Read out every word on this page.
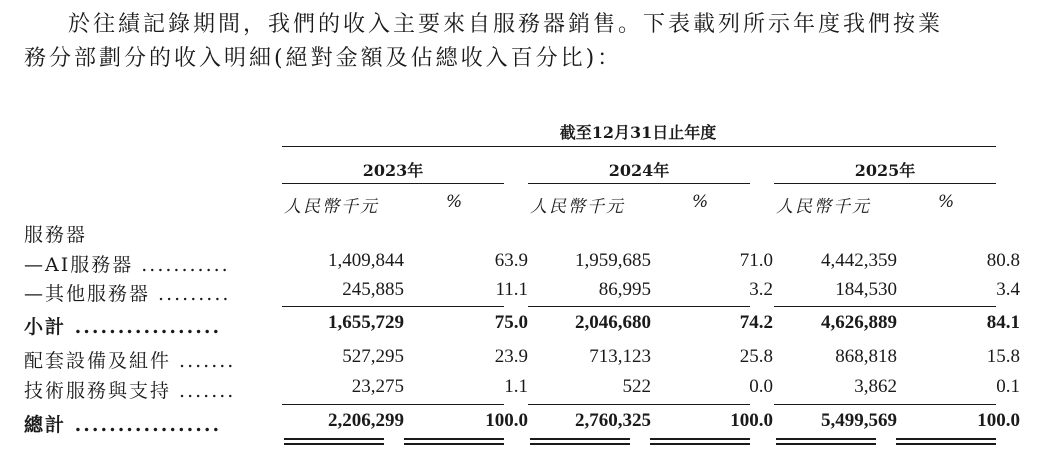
於往績記錄期間，我們的收入主要來自服務器銷售。下表載列所示年度我們按業

務分部劃分的收入明細(絕對金額及佔總收入百分比)：

截至12月31日止年度
2023年	2024年	2025年
人民幣千元	%	人民幣千元	%	人民幣千元	%
服務器
—AI服務器 ...........	1,409,844	63.9	1,959,685	71.0	4,442,359	80.8
—其他服務器 .........	245,885	11.1	86,995	3.2	184,530	3.4
小計 .................	1,655,729	75.0	2,046,680	74.2	4,626,889	84.1
配套設備及組件 .......	527,295	23.9	713,123	25.8	868,818	15.8
技術服務與支持 .......	23,275	1.1	522	0.0	3,862	0.1
總計 .................	2,206,299	100.0	2,760,325	100.0	5,499,569	100.0
